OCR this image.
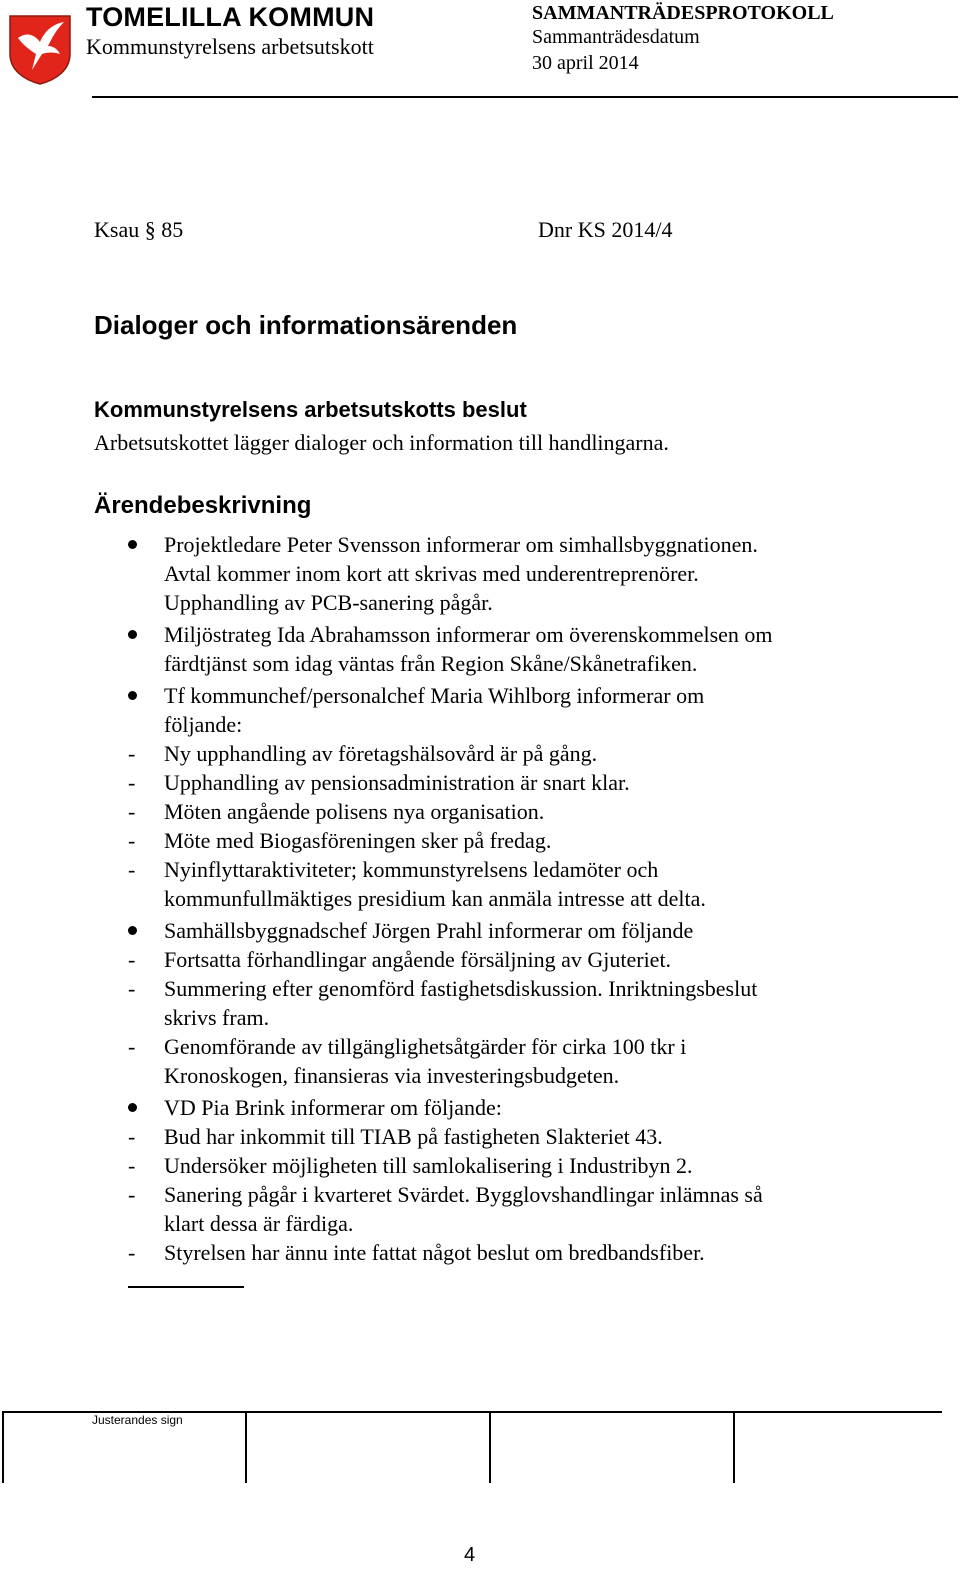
TOMELILLA KOMMUN
Kommunstyrelsens arbetsutskott
SAMMANTRÄDESPROTOKOLL
Sammanträdesdatum
30 april 2014
Ksau § 85	Dnr KS 2014/4
Dialoger och informationsärenden
Kommunstyrelsens arbetsutskotts beslut
Arbetsutskottet lägger dialoger och information till handlingarna.
Ärendebeskrivning
Projektledare Peter Svensson informerar om simhallsbyggnationen.
Avtal kommer inom kort att skrivas med underentreprenörer.
Upphandling av PCB-sanering pågår.
Miljöstrateg Ida Abrahamsson informerar om överenskommelsen om
färdtjänst som idag väntas från Region Skåne/Skånetrafiken.
Tf kommunchef/personalchef Maria Wihlborg informerar om
följande:
- Ny upphandling av företagshälsovård är på gång.
- Upphandling av pensionsadministration är snart klar.
- Möten angående polisens nya organisation.
- Möte med Biogasföreningen sker på fredag.
- Nyinflyttaraktiviteter; kommunstyrelsens ledamöter och
kommunfullmäktiges presidium kan anmäla intresse att delta.
Samhällsbyggnadschef Jörgen Prahl informerar om följande
- Fortsatta förhandlingar angående försäljning av Gjuteriet.
- Summering efter genomförd fastighetsdiskussion. Inriktningsbeslut
skrivs fram.
- Genomförande av tillgänglighetsåtgärder för cirka 100 tkr i
Kronoskogen, finansieras via investeringsbudgeten.
VD Pia Brink informerar om följande:
- Bud har inkommit till TIAB på fastigheten Slakteriet 43.
- Undersöker möjligheten till samlokalisering i Industribyn 2.
- Sanering pågår i kvarteret Svärdet. Bygglovshandlingar inlämnas så
klart dessa är färdiga.
- Styrelsen har ännu inte fattat något beslut om bredbandsfiber.
Justerandes sign
4
